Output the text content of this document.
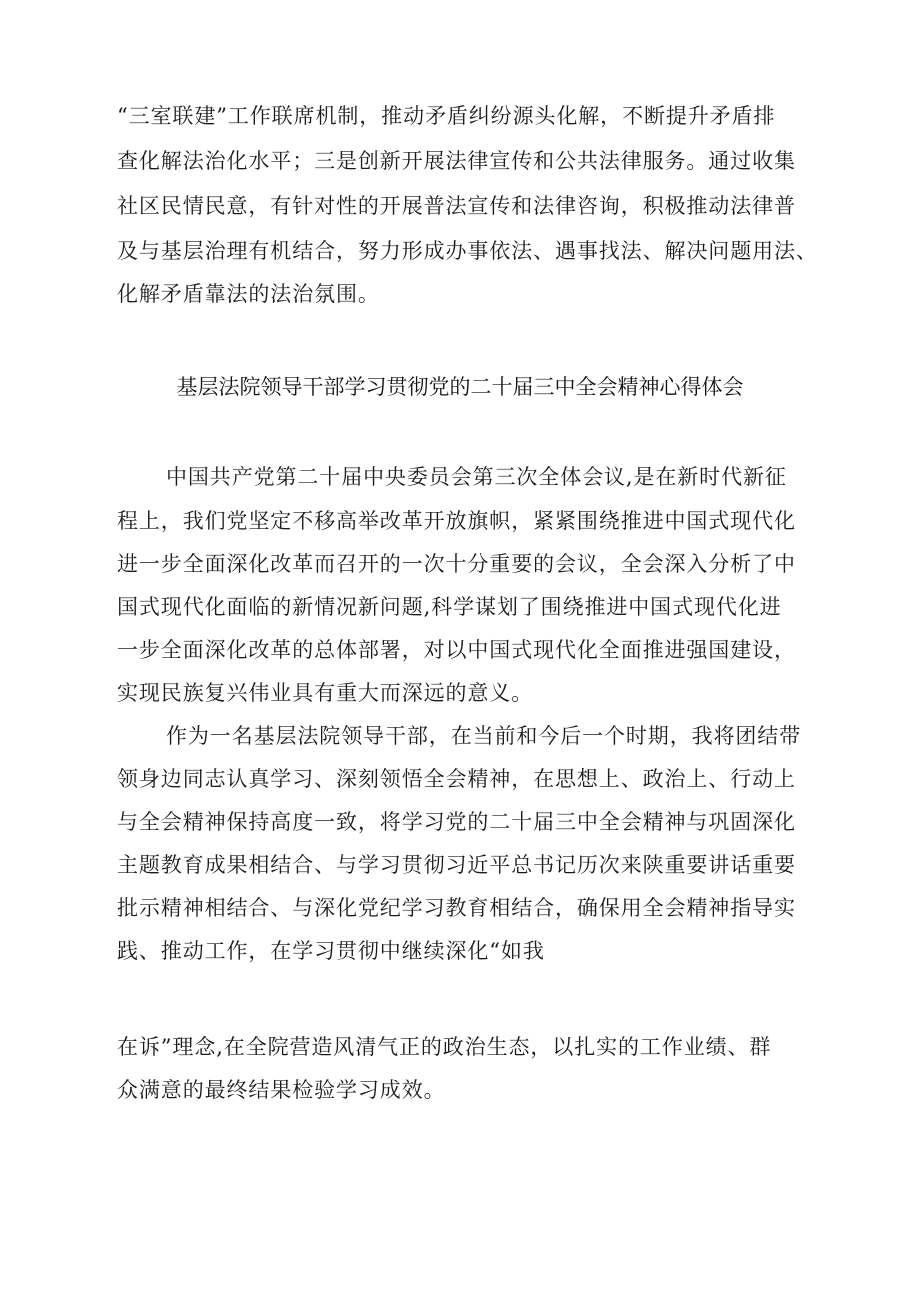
“三室联建”工作联席机制，推动矛盾纠纷源头化解，不断提升矛盾排

查化解法治化水平；三是创新开展法律宣传和公共法律服务。通过收集

社区民情民意，有针对性的开展普法宣传和法律咨询，积极推动法律普

及与基层治理有机结合，努力形成办事依法、遇事找法、解决问题用法、

化解矛盾靠法的法治氛围。

基层法院领导干部学习贯彻党的二十届三中全会精神心得体会

中国共产党第二十届中央委员会第三次全体会议,是在新时代新征

程上，我们党坚定不移高举改革开放旗帜，紧紧围绕推进中国式现代化

进一步全面深化改革而召开的一次十分重要的会议，全会深入分析了中

国式现代化面临的新情况新问题,科学谋划了围绕推进中国式现代化进

一步全面深化改革的总体部署，对以中国式现代化全面推进强国建设，

实现民族复兴伟业具有重大而深远的意义。

作为一名基层法院领导干部，在当前和今后一个时期，我将团结带

领身边同志认真学习、深刻领悟全会精神，在思想上、政治上、行动上

与全会精神保持高度一致，将学习党的二十届三中全会精神与巩固深化

主题教育成果相结合、与学习贯彻习近平总书记历次来陕重要讲话重要

批示精神相结合、与深化党纪学习教育相结合，确保用全会精神指导实

践、推动工作，在学习贯彻中继续深化“如我

在诉”理念,在全院营造风清气正的政治生态，以扎实的工作业绩、群

众满意的最终结果检验学习成效。
